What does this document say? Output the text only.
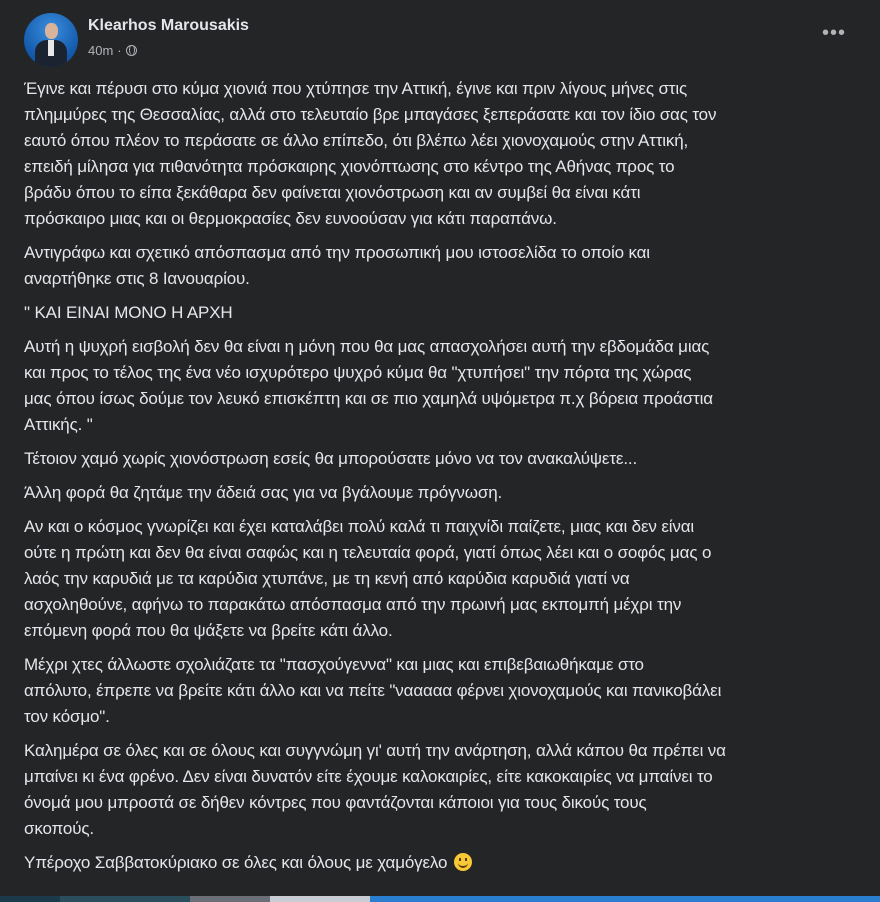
Klearhos Marousakis
40m ·
•••
Έγινε και πέρυσι στο κύμα χιονιά που χτύπησε την Αττική, έγινε και πριν λίγους μήνες στις
πλημμύρες της Θεσσαλίας, αλλά στο τελευταίο βρε μπαγάσες ξεπεράσατε και τον ίδιο σας τον
εαυτό όπου πλέον το περάσατε σε άλλο επίπεδο, ότι βλέπω λέει χιονοχαμούς στην Αττική,
επειδή μίλησα για πιθανότητα πρόσκαιρης χιονόπτωσης στο κέντρο της Αθήνας προς το
βράδυ όπου το είπα ξεκάθαρα δεν φαίνεται χιονόστρωση και αν συμβεί θα είναι κάτι
πρόσκαιρο μιας και οι θερμοκρασίες δεν ευνοούσαν για κάτι παραπάνω.
Αντιγράφω και σχετικό απόσπασμα από την προσωπική μου ιστοσελίδα το οποίο και
αναρτήθηκε στις 8 Ιανουαρίου.
" ΚΑΙ ΕΙΝΑΙ ΜΟΝΟ Η ΑΡΧΗ
Αυτή η ψυχρή εισβολή δεν θα είναι η μόνη που θα μας απασχολήσει αυτή την εβδομάδα μιας
και προς το τέλος της ένα νέο ισχυρότερο ψυχρό κύμα θα "χτυπήσει" την πόρτα της χώρας
μας όπου ίσως δούμε τον λευκό επισκέπτη και σε πιο χαμηλά υψόμετρα π.χ βόρεια προάστια
Αττικής. "
Τέτοιον χαμό χωρίς χιονόστρωση εσείς θα μπορούσατε μόνο να τον ανακαλύψετε...
Άλλη φορά θα ζητάμε την άδειά σας για να βγάλουμε πρόγνωση.
Αν και ο κόσμος γνωρίζει και έχει καταλάβει πολύ καλά τι παιχνίδι παίζετε, μιας και δεν είναι
ούτε η πρώτη και δεν θα είναι σαφώς και η τελευταία φορά, γιατί όπως λέει και ο σοφός μας ο
λαός την καρυδιά με τα καρύδια χτυπάνε, με τη κενή από καρύδια καρυδιά γιατί να
ασχοληθούνε, αφήνω το παρακάτω απόσπασμα από την πρωινή μας εκπομπή μέχρι την
επόμενη φορά που θα ψάξετε να βρείτε κάτι άλλο.
Μέχρι χτες άλλωστε σχολιάζατε τα "πασχούγεννα" και μιας και επιβεβαιωθήκαμε στο
απόλυτο, έπρεπε να βρείτε κάτι άλλο και να πείτε "νααααα φέρνει χιονοχαμούς και πανικοβάλει
τον κόσμο".
Καλημέρα σε όλες και σε όλους και συγγνώμη γι' αυτή την ανάρτηση, αλλά κάπου θα πρέπει να
μπαίνει κι ένα φρένο. Δεν είναι δυνατόν είτε έχουμε καλοκαιρίες, είτε κακοκαιρίες να μπαίνει το
όνομά μου μπροστά σε δήθεν κόντρες που φαντάζονται κάποιοι για τους δικούς τους
σκοπούς.
Υπέροχο Σαββατοκύριακο σε όλες και όλους με χαμόγελο
